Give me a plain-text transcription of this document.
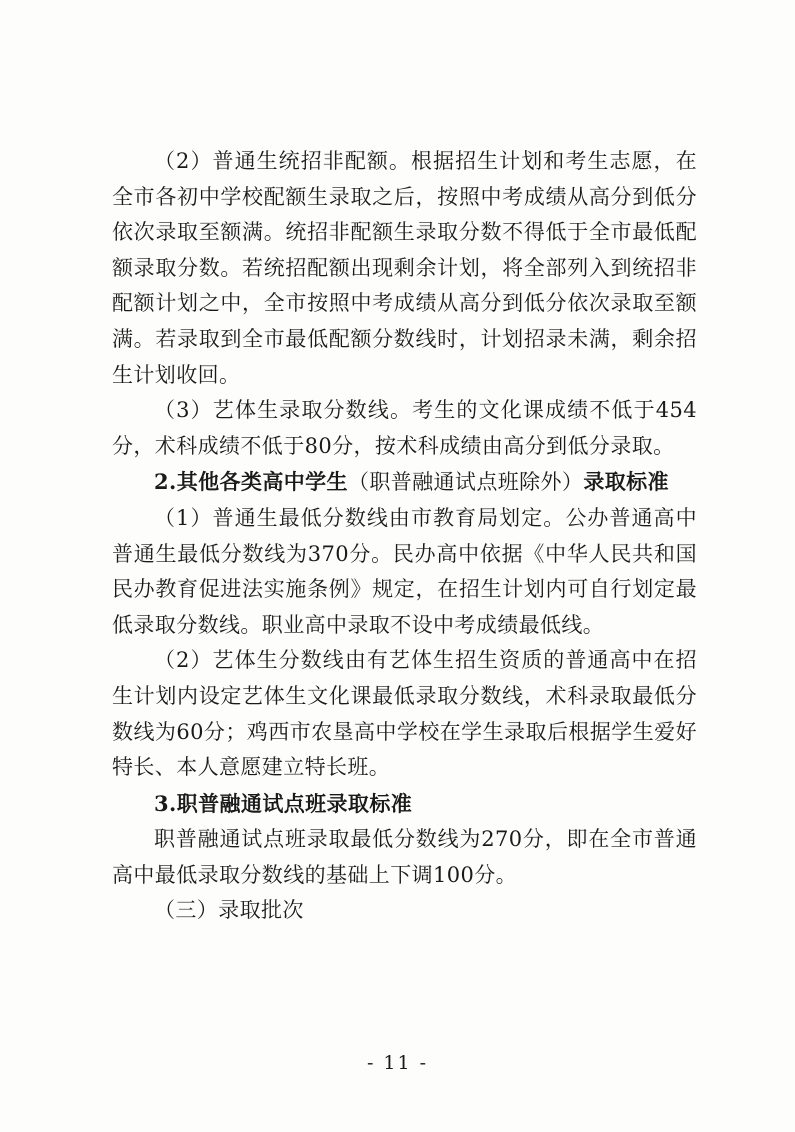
（2）普通生统招非配额。根据招生计划和考生志愿，在全市各初中学校配额生录取之后，按照中考成绩从高分到低分依次录取至额满。统招非配额生录取分数不得低于全市最低配额录取分数。若统招配额出现剩余计划，将全部列入到统招非配额计划之中，全市按照中考成绩从高分到低分依次录取至额满。若录取到全市最低配额分数线时，计划招录未满，剩余招生计划收回。

（3）艺体生录取分数线。考生的文化课成绩不低于454分，术科成绩不低于80分，按术科成绩由高分到低分录取。

2.其他各类高中学生（职普融通试点班除外）录取标准

（1）普通生最低分数线由市教育局划定。公办普通高中普通生最低分数线为370分。民办高中依据《中华人民共和国民办教育促进法实施条例》规定，在招生计划内可自行划定最低录取分数线。职业高中录取不设中考成绩最低线。

（2）艺体生分数线由有艺体生招生资质的普通高中在招生计划内设定艺体生文化课最低录取分数线，术科录取最低分数线为60分；鸡西市农垦高中学校在学生录取后根据学生爱好特长、本人意愿建立特长班。

3.职普融通试点班录取标准

职普融通试点班录取最低分数线为270分，即在全市普通高中最低录取分数线的基础上下调100分。

（三）录取批次

- 11 -
